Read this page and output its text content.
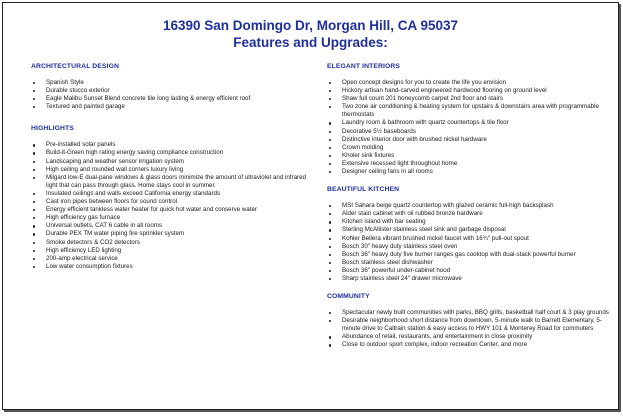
16390 San Domingo Dr, Morgan Hill, CA 95037
Features and Upgrades:
ARCHITECTURAL DESIGN
Spanish Style
Durable stucco exterior
Eagle Malibu Sunset Blend concrete tile long lasting & energy efficient roof
Textured and painted garage
HIGHLIGHTS
Pre-installed solar panels
Build-it-Green high rating energy saving compliance construction
Landscaping and weather sensor irrigation system
High ceiling and rounded wall corners luxury living
Milgard low-E dual-pane windows & glass doors minimize the amount of ultraviolet and infrared light that can pass through glass. Home stays cool in summer.
Insulated ceilings and walls exceed California energy standards
Cast iron pipes between floors for sound control
Energy efficient tankless water heater for quick hot water and conserve water
High efficiency gas furnace
Universal outlets, CAT 6 cable in all rooms
Durable PEX TM water piping fire sprinkler system
Smoke detectors & CO2 detectors
High efficiency LED lighting
200-amp electrical service
Low water consumption fixtures
ELEGANT INTERIORS
Open concept designs for you to create the life you envision
Hickory artisan hand-carved engineered hardwood flooring on ground level
Shaw full count 201 honeycomb carpet 2nd floor and stairs
Two zone air conditioning & heating system for upstairs & downstairs area with programmable thermostats
Laundry room & bathroom with quartz countertops & tile floor
Decorative 5½ baseboards
Distinctive interior door with brushed nickel hardware
Crown molding
Kholer sink fixtures
Extensive recessed light throughout home
Designer ceiling fans in all rooms
BEAUTIFUL KITCHEN
MSI Sahara beige quartz countertop with glazed ceramic full-high backsplash
Alder stain cabinet with oil rubbed bronze hardware
Kitchen island with bar seating
Sterling McAllister stainless steel sink and garbage disposal
Kohler Bellera vibrant brushed nickel faucet with 16¾" pull-out spout
Bosch 30" heavy duty stainless steel oven
Bosch 36" heavy duty five burner ranges gas cooktop with dual-stack powerful burner
Bosch stainless steel dishwasher
Bosch 36" powerful under-cabinet hood
Sharp stainless steel 24" drawer microwave
COMMUNITY
Spectacular newly built communities with parks, BBQ grills, basketball half court & 3 play grounds
Desirable neighborhood short distance from downtown, 5-minute walk to Barrett Elementary, 5-minute drive to Caltrain station & easy access to HWY 101 & Monterey Road for commuters
Abundance of retail, restaurants, and entertainment in close proximity
Close to outdoor sport complex, indoor recreation Center, and more
